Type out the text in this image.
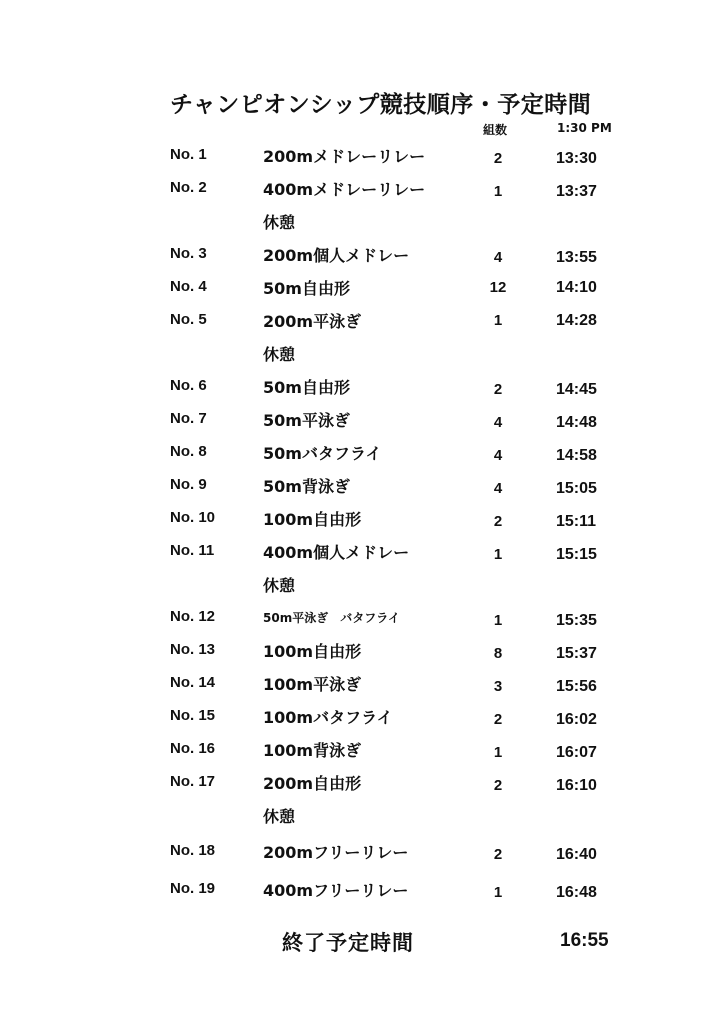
チャンピオンシップ競技順序・予定時間
組数	1:30 PM
No. 1	200mメドレーリレー	2	13:30
No. 2	400mメドレーリレー	1	13:37
休憩
No. 3	200m個人メドレー	4	13:55
No. 4	50m自由形	12	14:10
No. 5	200m平泳ぎ	1	14:28
休憩
No. 6	50m自由形	2	14:45
No. 7	50m平泳ぎ	4	14:48
No. 8	50mバタフライ	4	14:58
No. 9	50m背泳ぎ	4	15:05
No. 10	100m自由形	2	15:11
No. 11	400m個人メドレー	1	15:15
休憩
No. 12	50m平泳ぎ　バタフライ	1	15:35
No. 13	100m自由形	8	15:37
No. 14	100m平泳ぎ	3	15:56
No. 15	100mバタフライ	2	16:02
No. 16	100m背泳ぎ	1	16:07
No. 17	200m自由形	2	16:10
休憩
No. 18	200mフリーリレー	2	16:40
No. 19	400mフリーリレー	1	16:48
終了予定時間	16:55
